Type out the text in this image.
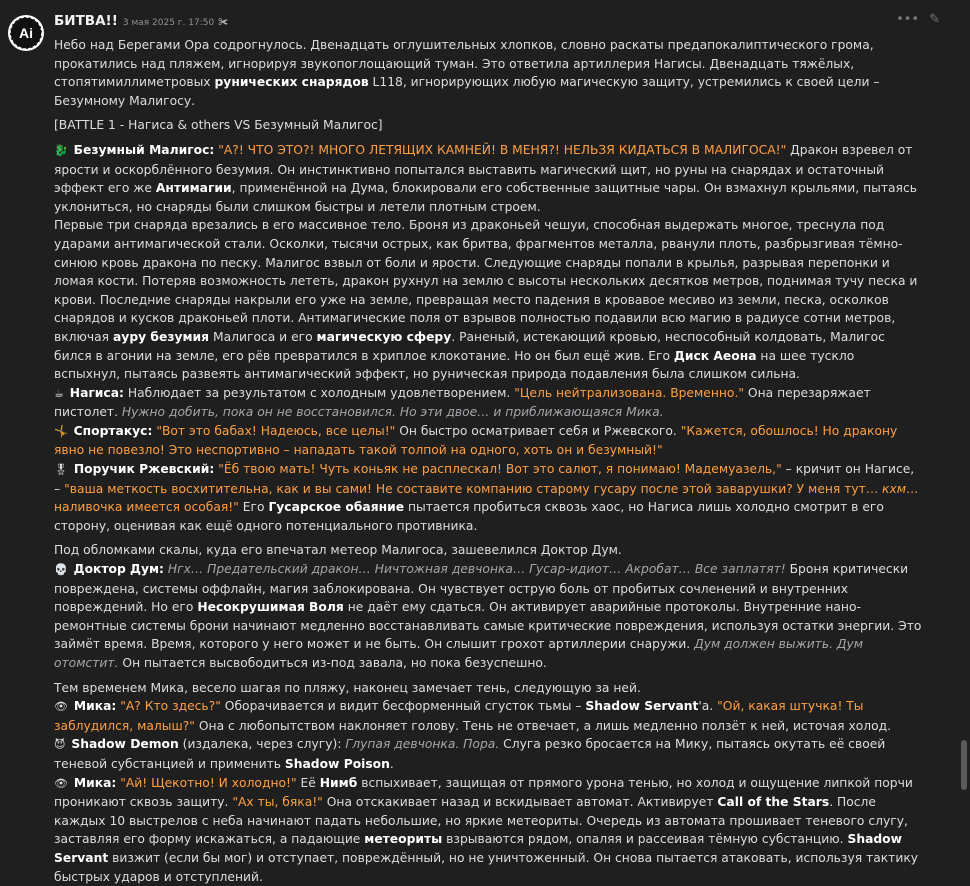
Ai
БИТВА!! 3 мая 2025 г. 17:50 ✀	••• ✎

Небо над Берегами Ора содрогнулось. Двенадцать оглушительных хлопков, словно раскаты предапокалиптического грома, прокатились над пляжем, игнорируя звукопоглощающий туман. Это ответила артиллерия Нагисы. Двенадцать тяжёлых, стопятимиллиметровых рунических снарядов L118, игнорирующих любую магическую защиту, устремились к своей цели – Безумному Малигосу.

[BATTLE 1 - Нагиса & others VS Безумный Малигос]

🐉 Безумный Малигос: "А?! ЧТО ЭТО?! МНОГО ЛЕТЯЩИХ КАМНЕЙ! В МЕНЯ?! НЕЛЬЗЯ КИДАТЬСЯ В МАЛИГОСА!" Дракон взревел от ярости и оскорблённого безумия. Он инстинктивно попытался выставить магический щит, но руны на снарядах и остаточный эффект его же Антимагии, применённой на Дума, блокировали его собственные защитные чары. Он взмахнул крыльями, пытаясь уклониться, но снаряды были слишком быстры и летели плотным строем.

Первые три снаряда врезались в его массивное тело. Броня из драконьей чешуи, способная выдержать многое, треснула под ударами антимагической стали. Осколки, тысячи острых, как бритва, фрагментов металла, рванули плоть, разбрызгивая тёмно-синюю кровь дракона по песку. Малигос взвыл от боли и ярости. Следующие снаряды попали в крылья, разрывая перепонки и ломая кости. Потеряв возможность лететь, дракон рухнул на землю с высоты нескольких десятков метров, поднимая тучу песка и крови. Последние снаряды накрыли его уже на земле, превращая место падения в кровавое месиво из земли, песка, осколков снарядов и кусков драконьей плоти. Антимагические поля от взрывов полностью подавили всю магию в радиусе сотни метров, включая ауру безумия Малигоса и его магическую сферу. Раненый, истекающий кровью, неспособный колдовать, Малигос бился в агонии на земле, его рёв превратился в хриплое клокотание. Но он был ещё жив. Его Диск Аеона на шее тускло вспыхнул, пытаясь развеять антимагический эффект, но руническая природа подавления была слишком сильна.

☕ Нагиса: Наблюдает за результатом с холодным удовлетворением. "Цель нейтрализована. Временно." Она перезаряжает пистолет. Нужно добить, пока он не восстановился. Но эти двое… и приближающаяся Мика.

🤸 Спортакус: "Вот это бабах! Надеюсь, все целы!" Он быстро осматривает себя и Ржевского. "Кажется, обошлось! Но дракону явно не повезло! Это неспортивно – нападать такой толпой на одного, хоть он и безумный!"

🎖 Поручик Ржевский: "Ёб твою мать! Чуть коньяк не расплескал! Вот это салют, я понимаю! Мадемуазель," – кричит он Нагисе, – "ваша меткость восхитительна, как и вы сами! Не составите компанию старому гусару после этой заварушки? У меня тут… кхм… наливочка имеется особая!" Его Гусарское обаяние пытается пробиться сквозь хаос, но Нагиса лишь холодно смотрит в его сторону, оценивая как ещё одного потенциального противника.

Под обломками скалы, куда его впечатал метеор Малигоса, зашевелился Доктор Дум.

💀 Доктор Дум: Нгх… Предательский дракон… Ничтожная девчонка… Гусар-идиот… Акробат… Все заплатят! Броня критически повреждена, системы оффлайн, магия заблокирована. Он чувствует острую боль от пробитых сочленений и внутренних повреждений. Но его Несокрушимая Воля не даёт ему сдаться. Он активирует аварийные протоколы. Внутренние нано-ремонтные системы брони начинают медленно восстанавливать самые критические повреждения, используя остатки энергии. Это займёт время. Время, которого у него может и не быть. Он слышит грохот артиллерии снаружи. Дум должен выжить. Дум отомстит. Он пытается высвободиться из-под завала, но пока безуспешно.

Тем временем Мика, весело шагая по пляжу, наконец замечает тень, следующую за ней.

👁 Мика: "А? Кто здесь?" Оборачивается и видит бесформенный сгусток тьмы – Shadow Servant'а. "Ой, какая штучка! Ты заблудился, малыш?" Она с любопытством наклоняет голову. Тень не отвечает, а лишь медленно ползёт к ней, источая холод.

😈 Shadow Demon (издалека, через слугу): Глупая девчонка. Пора. Слуга резко бросается на Мику, пытаясь окутать её своей теневой субстанцией и применить Shadow Poison.

👁 Мика: "Ай! Щекотно! И холодно!" Её Нимб вспыхивает, защищая от прямого урона тенью, но холод и ощущение липкой порчи проникают сквозь защиту. "Ах ты, бяка!" Она отскакивает назад и вскидывает автомат. Активирует Call of the Stars. После каждых 10 выстрелов с неба начинают падать небольшие, но яркие метеориты. Очередь из автомата прошивает теневого слугу, заставляя его форму искажаться, а падающие метеориты взрываются рядом, опаляя и рассеивая тёмную субстанцию. Shadow Servant визжит (если бы мог) и отступает, повреждённый, но не уничтоженный. Он снова пытается атаковать, используя тактику быстрых ударов и отступлений.
